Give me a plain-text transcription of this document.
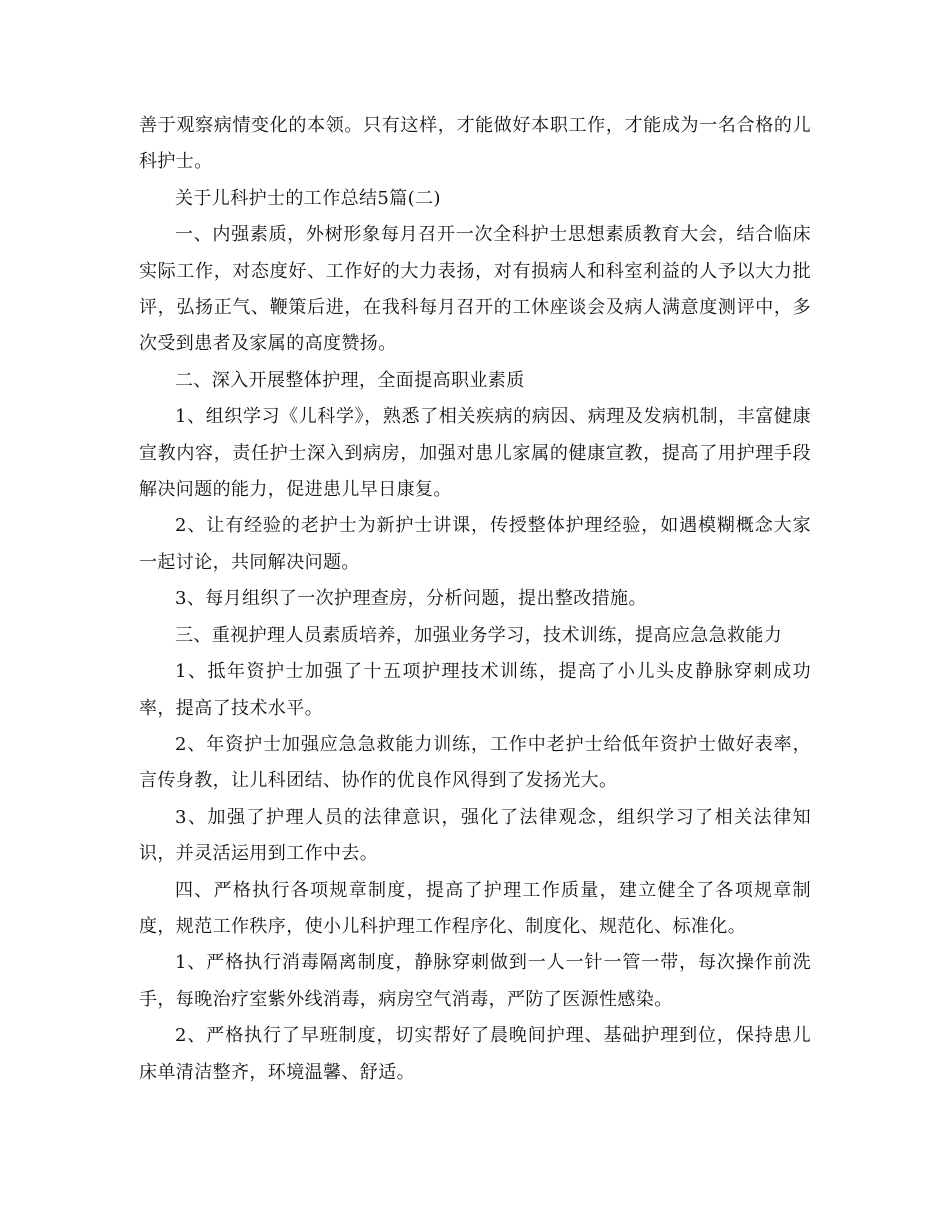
善于观察病情变化的本领。只有这样，才能做好本职工作，才能成为一名合格的儿科护士。

关于儿科护士的工作总结5篇(二)

一、内强素质，外树形象每月召开一次全科护士思想素质教育大会，结合临床实际工作，对态度好、工作好的大力表扬，对有损病人和科室利益的人予以大力批评，弘扬正气、鞭策后进，在我科每月召开的工休座谈会及病人满意度测评中，多次受到患者及家属的高度赞扬。

二、深入开展整体护理，全面提高职业素质

1、组织学习《儿科学》，熟悉了相关疾病的病因、病理及发病机制，丰富健康宣教内容，责任护士深入到病房，加强对患儿家属的健康宣教，提高了用护理手段解决问题的能力，促进患儿早日康复。

2、让有经验的老护士为新护士讲课，传授整体护理经验，如遇模糊概念大家一起讨论，共同解决问题。

3、每月组织了一次护理查房，分析问题，提出整改措施。

三、重视护理人员素质培养，加强业务学习，技术训练，提高应急急救能力

1、抵年资护士加强了十五项护理技术训练，提高了小儿头皮静脉穿刺成功率，提高了技术水平。

2、年资护士加强应急急救能力训练，工作中老护士给低年资护士做好表率，言传身教，让儿科团结、协作的优良作风得到了发扬光大。

3、加强了护理人员的法律意识，强化了法律观念，组织学习了相关法律知识，并灵活运用到工作中去。

四、严格执行各项规章制度，提高了护理工作质量，建立健全了各项规章制度，规范工作秩序，使小儿科护理工作程序化、制度化、规范化、标准化。

1、严格执行消毒隔离制度，静脉穿刺做到一人一针一管一带，每次操作前洗手，每晚治疗室紫外线消毒，病房空气消毒，严防了医源性感染。

2、严格执行了早班制度，切实帮好了晨晚间护理、基础护理到位，保持患儿床单清洁整齐，环境温馨、舒适。
